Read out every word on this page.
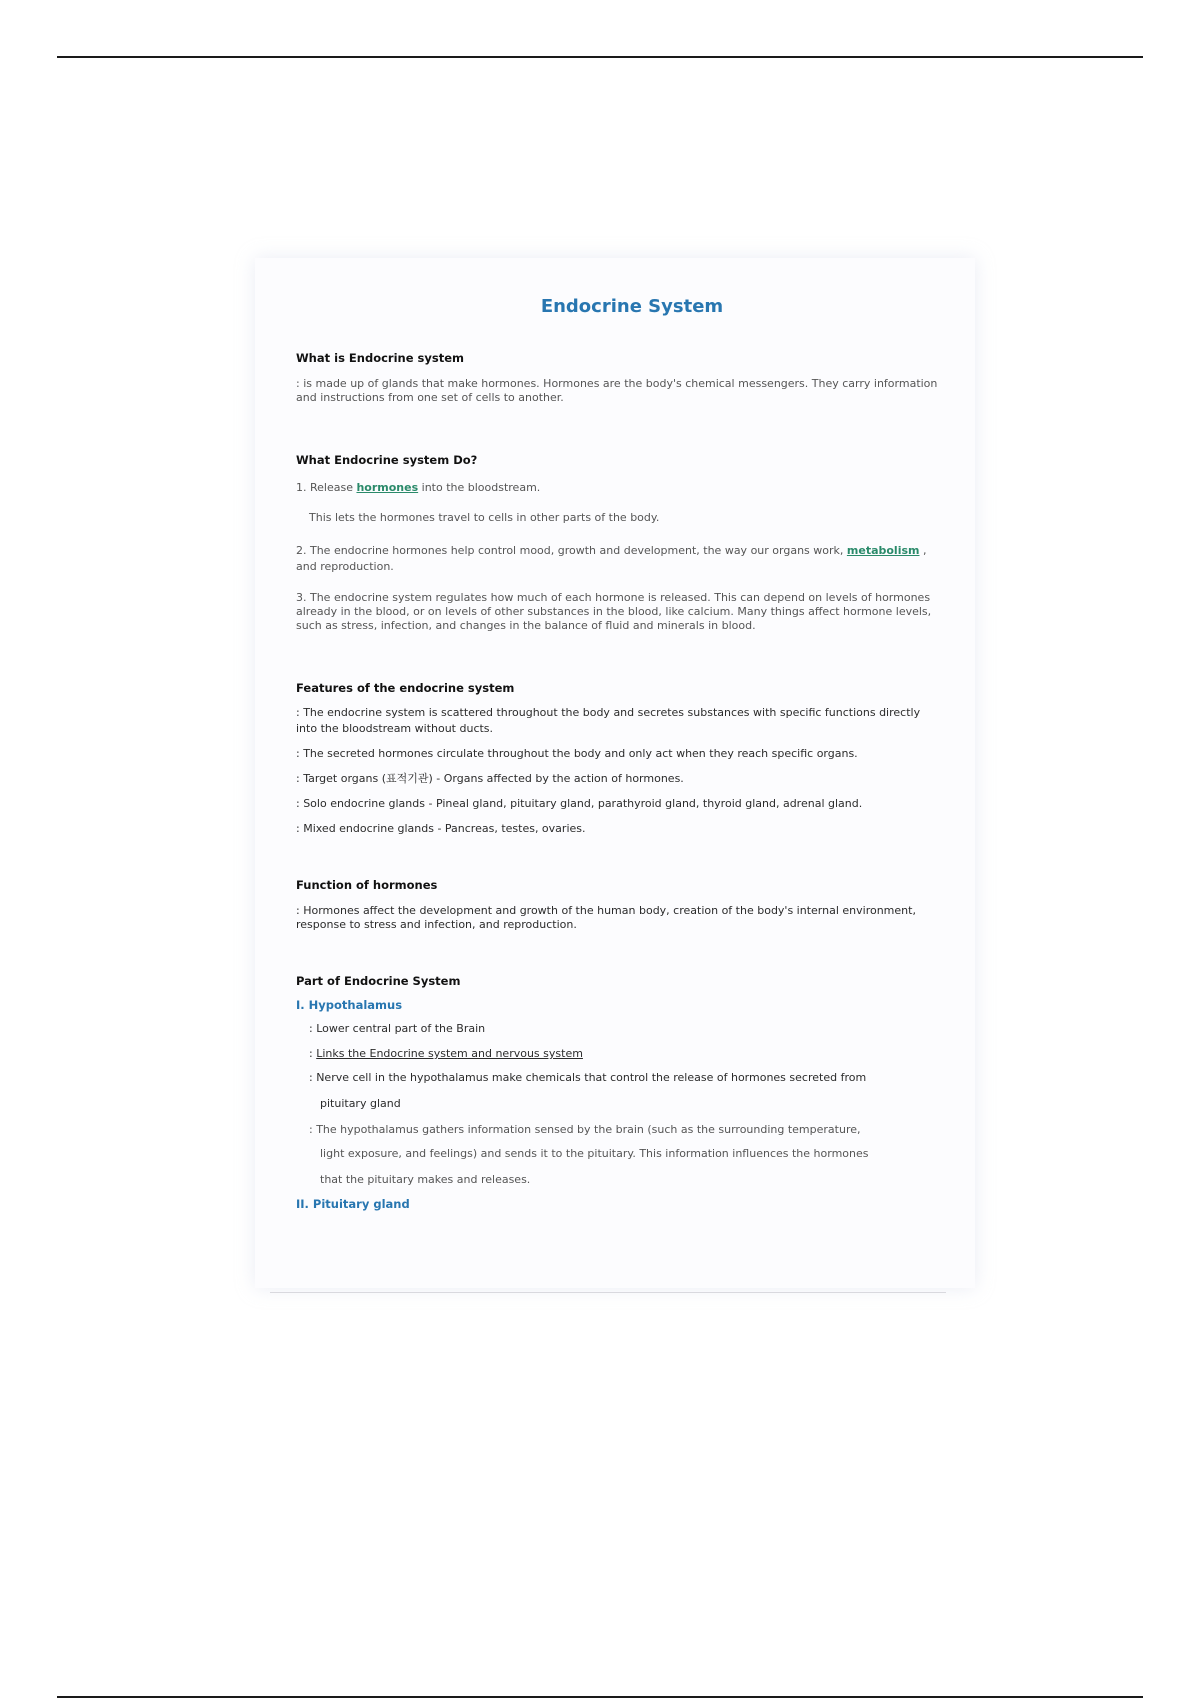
Endocrine System
What is Endocrine system
: is made up of glands that make hormones. Hormones are the body's chemical messengers. They carry information and instructions from one set of cells to another.
What Endocrine system Do?
1. Release hormones into the bloodstream.
This lets the hormones travel to cells in other parts of the body.
2. The endocrine hormones help control mood, growth and development, the way our organs work, metabolism , and reproduction.
3. The endocrine system regulates how much of each hormone is released. This can depend on levels of hormones already in the blood, or on levels of other substances in the blood, like calcium. Many things affect hormone levels, such as stress, infection, and changes in the balance of fluid and minerals in blood.
Features of the endocrine system
: The endocrine system is scattered throughout the body and secretes substances with specific functions directly into the bloodstream without ducts.
: The secreted hormones circulate throughout the body and only act when they reach specific organs.
: Target organs (표적기관) - Organs affected by the action of hormones.
: Solo endocrine glands - Pineal gland, pituitary gland, parathyroid gland, thyroid gland, adrenal gland.
: Mixed endocrine glands - Pancreas, testes, ovaries.
Function of hormones
: Hormones affect the development and growth of the human body, creation of the body's internal environment, response to stress and infection, and reproduction.
Part of Endocrine System
I. Hypothalamus
: Lower central part of the Brain
: Links the Endocrine system and nervous system
: Nerve cell in the hypothalamus make chemicals that control the release of hormones secreted from
pituitary gland
: The hypothalamus gathers information sensed by the brain (such as the surrounding temperature,
light exposure, and feelings) and sends it to the pituitary. This information influences the hormones
that the pituitary makes and releases.
II. Pituitary gland
